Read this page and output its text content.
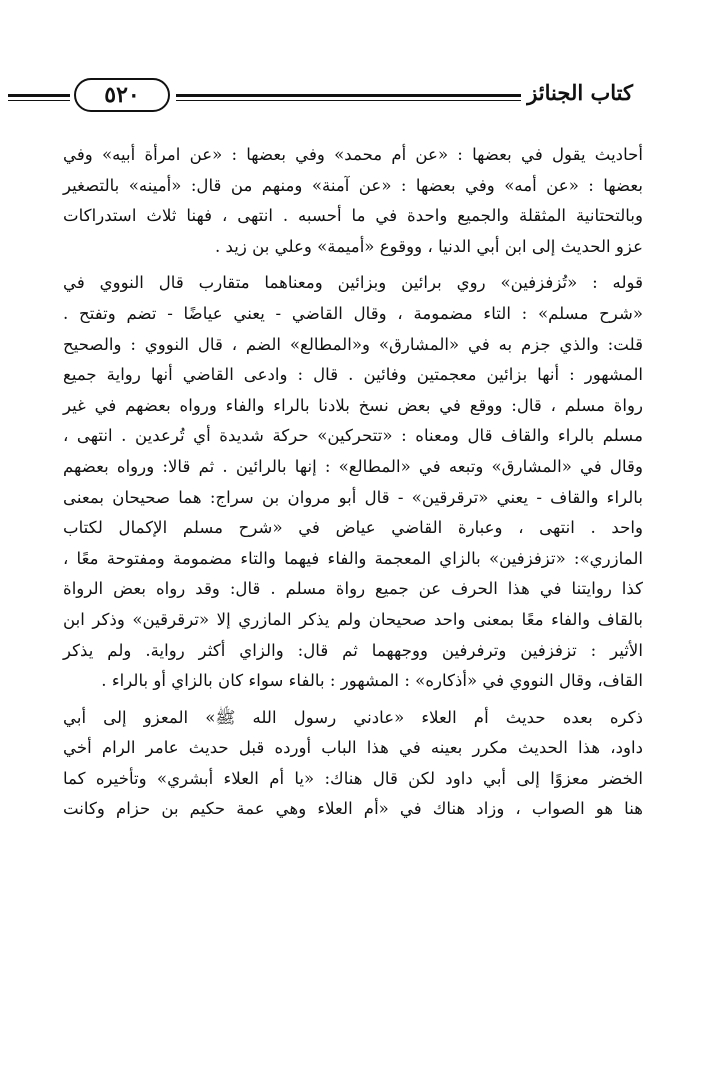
كتاب الجنائز
٥٢٠

أحاديث يقول في بعضها : «عن أم محمد» وفي بعضها : «عن امرأة أبيه» وفي
بعضها : «عن أمه» وفي بعضها : «عن آمنة» ومنهم من قال: «أمينه» بالتصغير
وبالتحتانية المثقلة والجميع واحدة في ما أحسبه . انتهى ، فهنا ثلاث استدراكات
عزو الحديث إلى ابن أبي الدنيا ، ووقوع «أميمة» وعلي بن زيد .

قوله : «تُزفزفين» روي برائين وبزائين ومعناهما متقارب قال النووي في
«شرح مسلم» : التاء مضمومة ، وقال القاضي - يعني عياضًا - تضم وتفتح .
قلت: والذي جزم به في «المشارق» و«المطالع» الضم ، قال النووي : والصحيح
المشهور : أنها بزائين معجمتين وفائين . قال : وادعى القاضي أنها رواية جميع
رواة مسلم ، قال: ووقع في بعض نسخ بلادنا بالراء والفاء ورواه بعضهم في غير
مسلم بالراء والقاف قال ومعناه : «تتحركين» حركة شديدة أي تُرعدين . انتهى ،
وقال في «المشارق» وتبعه في «المطالع» : إنها بالرائين . ثم قالا: ورواه بعضهم
بالراء والقاف - يعني «ترقرقين» - قال أبو مروان بن سراج: هما صحيحان بمعنى
واحد . انتهى ، وعبارة القاضي عياض في «شرح مسلم الإكمال لكتاب
المازري»: «تزفزفين» بالزاي المعجمة والفاء فيهما والتاء مضمومة ومفتوحة معًا ،
كذا روايتنا في هذا الحرف عن جميع رواة مسلم . قال: وقد رواه بعض الرواة
بالقاف والفاء معًا بمعنى واحد صحيحان ولم يذكر المازري إلا «ترقرقين» وذكر ابن
الأثير : تزفزفين وترفرفين ووجههما ثم قال: والزاي أكثر رواية. ولم يذكر
القاف، وقال النووي في «أذكاره» : المشهور : بالفاء سواء كان بالزاي أو بالراء .

ذكره بعده حديث أم العلاء «عادني رسول الله ﷺ» المعزو إلى أبي
داود، هذا الحديث مكرر بعينه في هذا الباب أورده قبل حديث عامر الرام أخي
الخضر معزوًا إلى أبي داود لكن قال هناك: «يا أم العلاء أبشري» وتأخيره كما
هنا هو الصواب ، وزاد هناك في «أم العلاء وهي عمة حكيم بن حزام وكانت
